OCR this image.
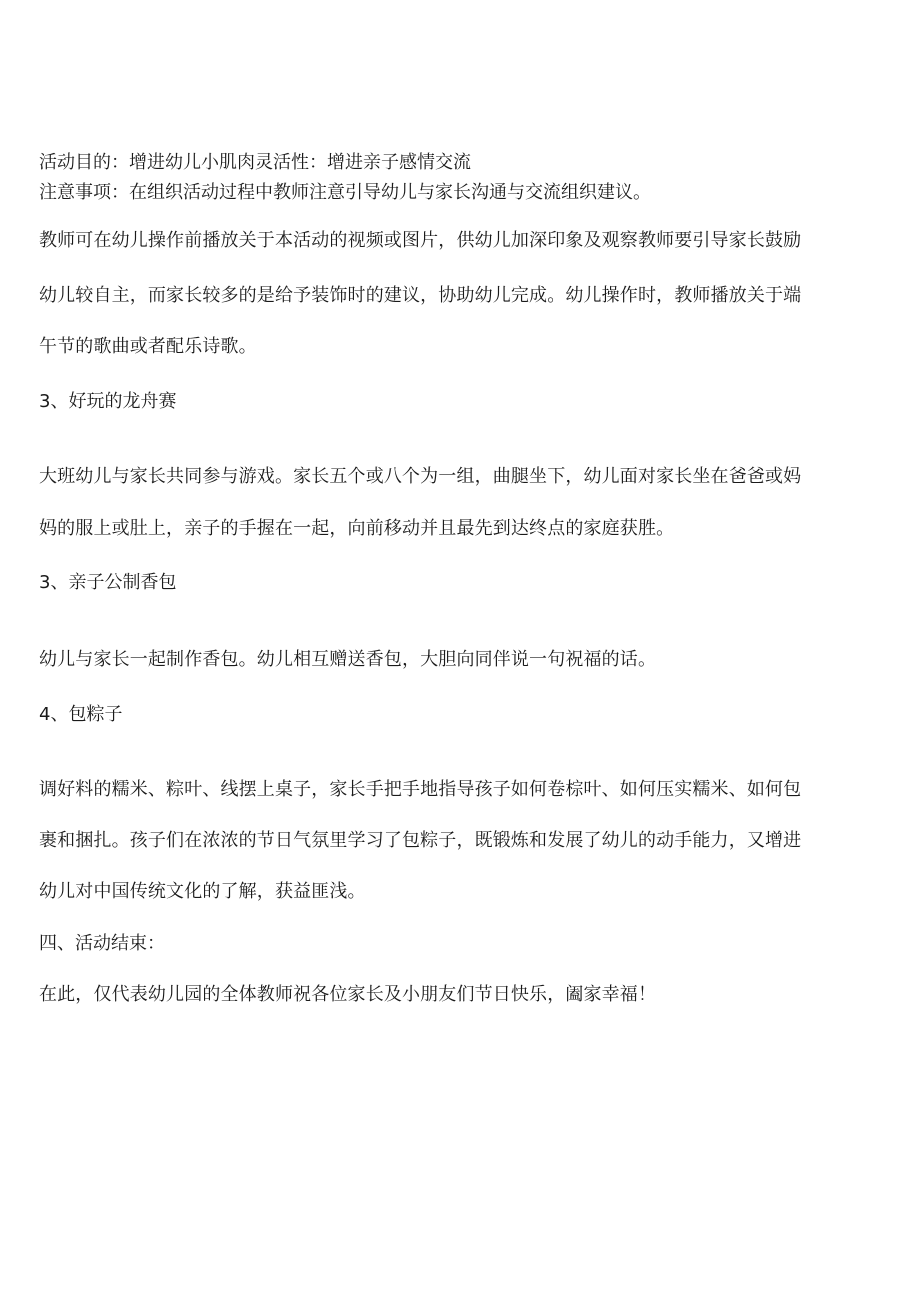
活动目的：增进幼儿小肌肉灵活性：增进亲子感情交流
注意事项：在组织活动过程中教师注意引导幼儿与家长沟通与交流组织建议。
教师可在幼儿操作前播放关于本活动的视频或图片，供幼儿加深印象及观察教师要引导家长鼓励
幼儿较自主，而家长较多的是给予装饰时的建议，协助幼儿完成。幼儿操作时，教师播放关于端
午节的歌曲或者配乐诗歌。
3、好玩的龙舟赛
大班幼儿与家长共同参与游戏。家长五个或八个为一组，曲腿坐下，幼儿面对家长坐在爸爸或妈
妈的服上或肚上，亲子的手握在一起，向前移动并且最先到达终点的家庭获胜。
3、亲子公制香包
幼儿与家长一起制作香包。幼儿相互赠送香包，大胆向同伴说一句祝福的话。
4、包粽子
调好料的糯米、粽叶、线摆上桌子，家长手把手地指导孩子如何卷棕叶、如何压实糯米、如何包
裹和捆扎。孩子们在浓浓的节日气氛里学习了包粽子，既锻炼和发展了幼儿的动手能力，又增进
幼儿对中国传统文化的了解，获益匪浅。
四、活动结束：
在此，仅代表幼儿园的全体教师祝各位家长及小朋友们节日快乐，阖家幸福！
